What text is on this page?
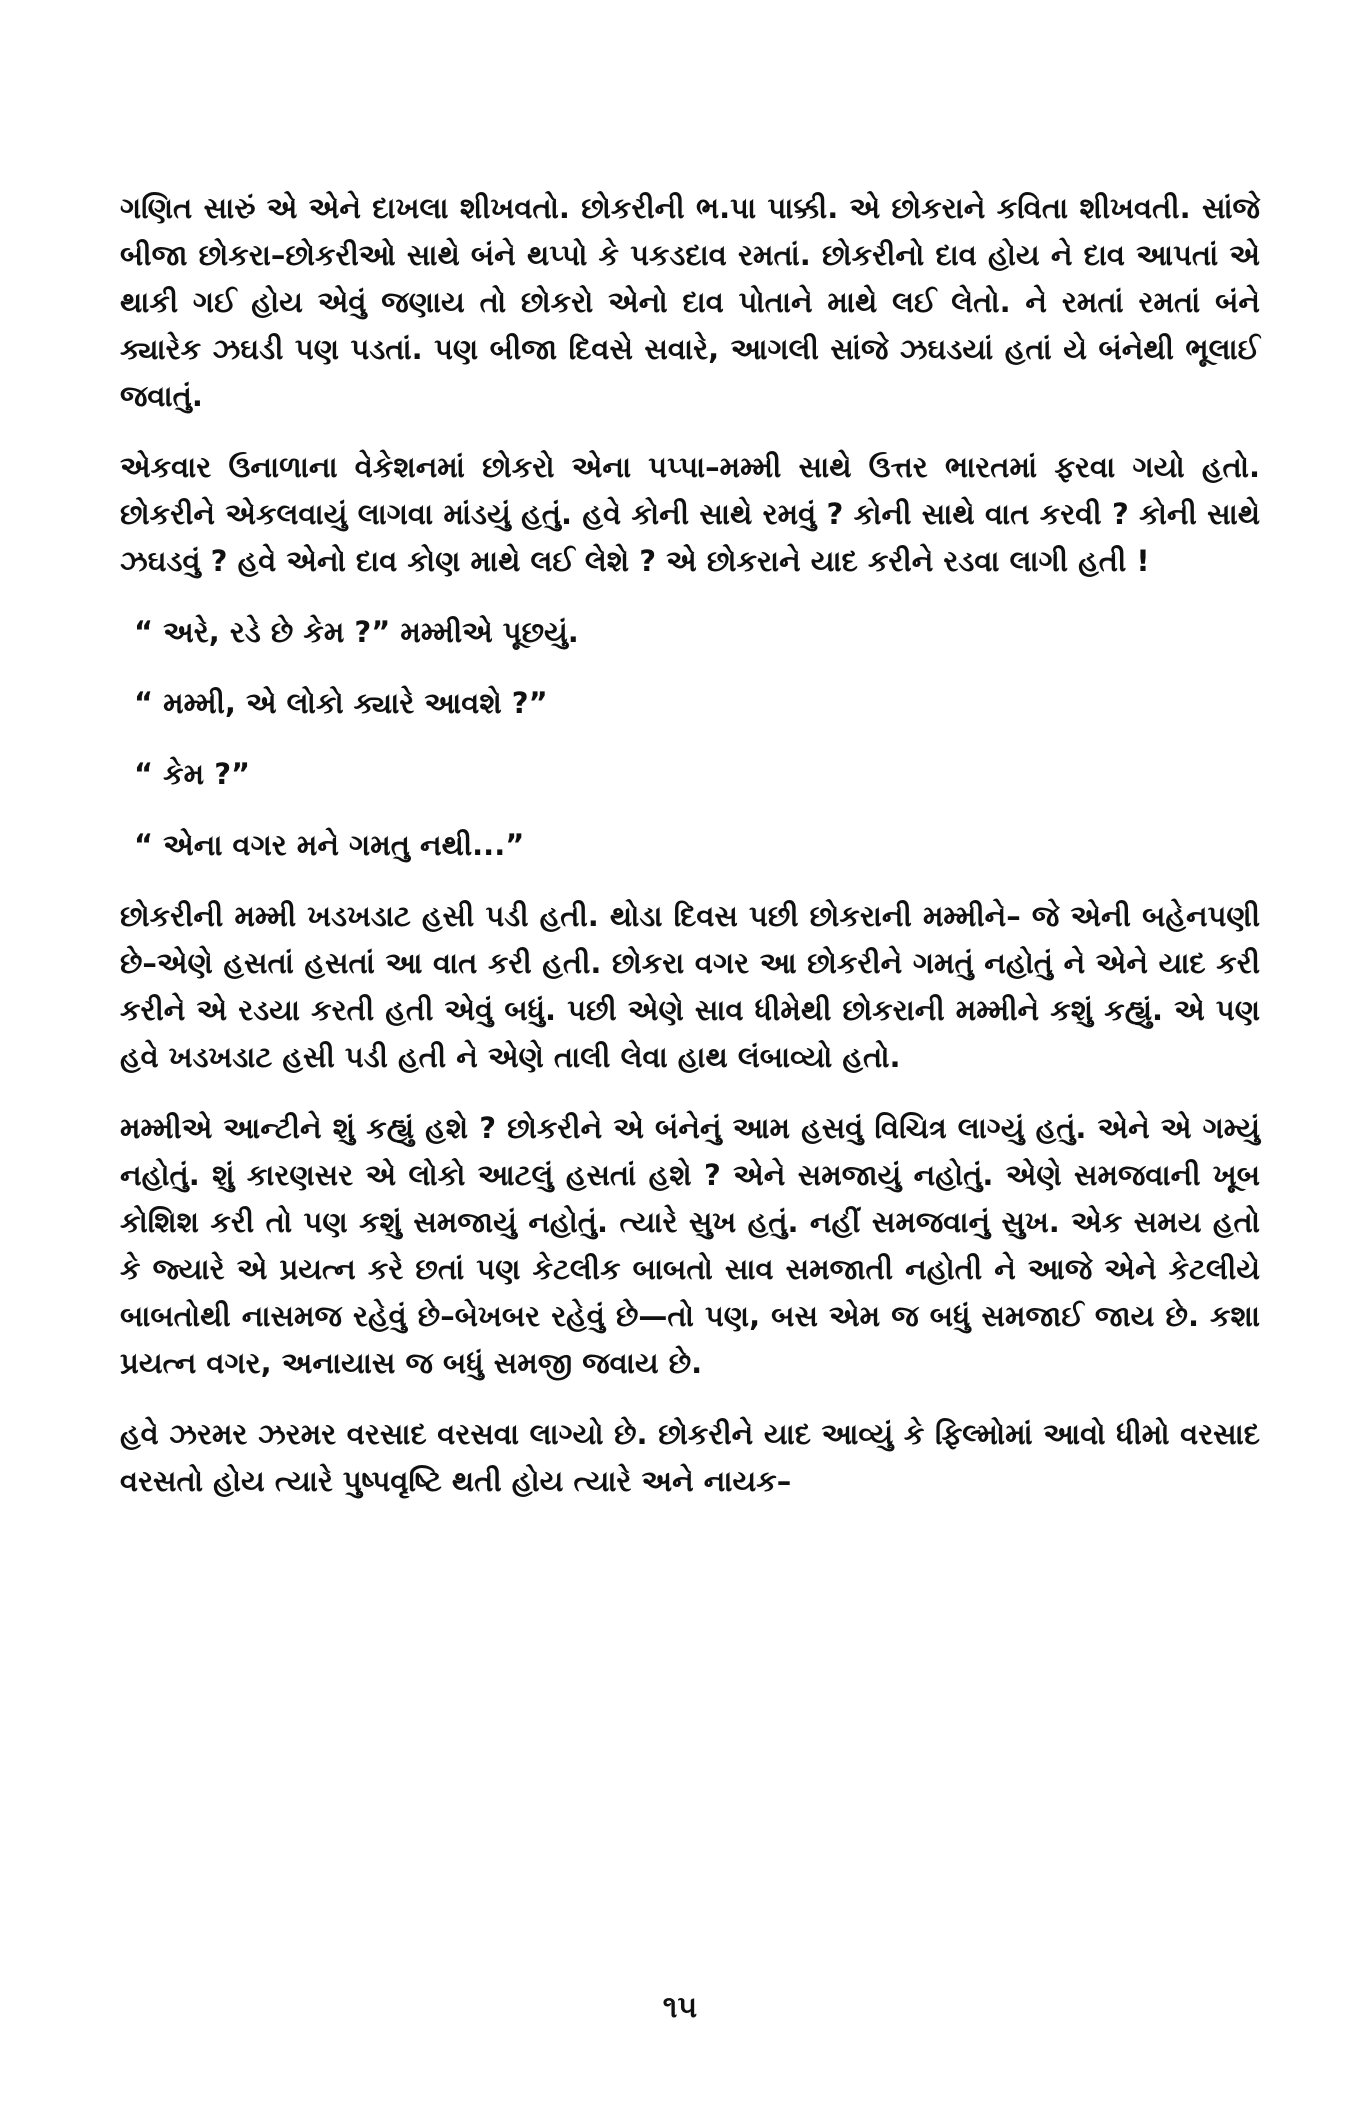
ગણિત સારું એ એને દાખલા શીખવતો. છોકરીની ભ.પા પાક્કી. એ છોકરાને કવિતા શીખવતી. સાંજે બીજા છોકરા–છોકરીઓ સાથે બંને થપ્પો કે પકડદાવ રમતાં. છોકરીનો દાવ હોય ને દાવ આપતાં એ થાકી ગઈ હોય એવું જણાય તો છોકરો એનો દાવ પોતાને માથે લઈ લેતો. ને રમતાં રમતાં બંને ક્યારેક ઝઘડી પણ પડતાં. પણ બીજા દિવસે સવારે, આગલી સાંજે ઝઘડયાં હતાં યે બંનેથી ભૂલાઈ જવાતું.

એકવાર ઉનાળાના વેકેશનમાં છોકરો એના પપ્પા–મમ્મી સાથે ઉત્તર ભારતમાં ફરવા ગયો હતો. છોકરીને એકલવાયું લાગવા માંડયું હતું. હવે કોની સાથે રમવું ? કોની સાથે વાત કરવી ? કોની સાથે ઝઘડવું ? હવે એનો દાવ કોણ માથે લઈ લેશે ? એ છોકરાને યાદ કરીને રડવા લાગી હતી !

“ અરે, રડે છે કેમ ?” મમ્મીએ પૂછયું.

“ મમ્મી, એ લોકો ક્યારે આવશે ?”

“ કેમ ?”

“ એના વગર મને ગમતુ નથી...”

છોકરીની મમ્મી ખડખડાટ હસી પડી હતી. થોડા દિવસ પછી છોકરાની મમ્મીને– જે એની બહેનપણી છે–એણે હસતાં હસતાં આ વાત કરી હતી. છોકરા વગર આ છોકરીને ગમતું નહોતું ને એને યાદ કરી કરીને એ રડયા કરતી હતી એવું બધું. પછી એણે સાવ ધીમેથી છોકરાની મમ્મીને કશું કહ્યું. એ પણ હવે ખડખડાટ હસી પડી હતી ને એણે તાલી લેવા હાથ લંબાવ્યો હતો.

મમ્મીએ આન્ટીને શું કહ્યું હશે ? છોકરીને એ બંનેનું આમ હસવું વિચિત્ર લાગ્યું હતું. એને એ ગમ્યું નહોતું. શું કારણસર એ લોકો આટલું હસતાં હશે ? એને સમજાયું નહોતું. એણે સમજવાની ખૂબ કોશિશ કરી તો પણ કશું સમજાયું નહોતું. ત્યારે સુખ હતું. નહીં સમજવાનું સુખ. એક સમય હતો કે જ્યારે એ પ્રયત્ન કરે છતાં પણ કેટલીક બાબતો સાવ સમજાતી નહોતી ને આજે એને કેટલીયે બાબતોથી નાસમજ રહેવું છે–બેખબર રહેવું છે—તો પણ, બસ એમ જ બધું સમજાઈ જાય છે. કશા પ્રયત્ન વગર, અનાયાસ જ બધું સમજી જવાય છે.

હવે ઝરમર ઝરમર વરસાદ વરસવા લાગ્યો છે. છોકરીને યાદ આવ્યું કે ફિલ્મોમાં આવો ધીમો વરસાદ વરસતો હોય ત્યારે પુષ્પવૃષ્ટિ થતી હોય ત્યારે અને નાયક–

૧૫
